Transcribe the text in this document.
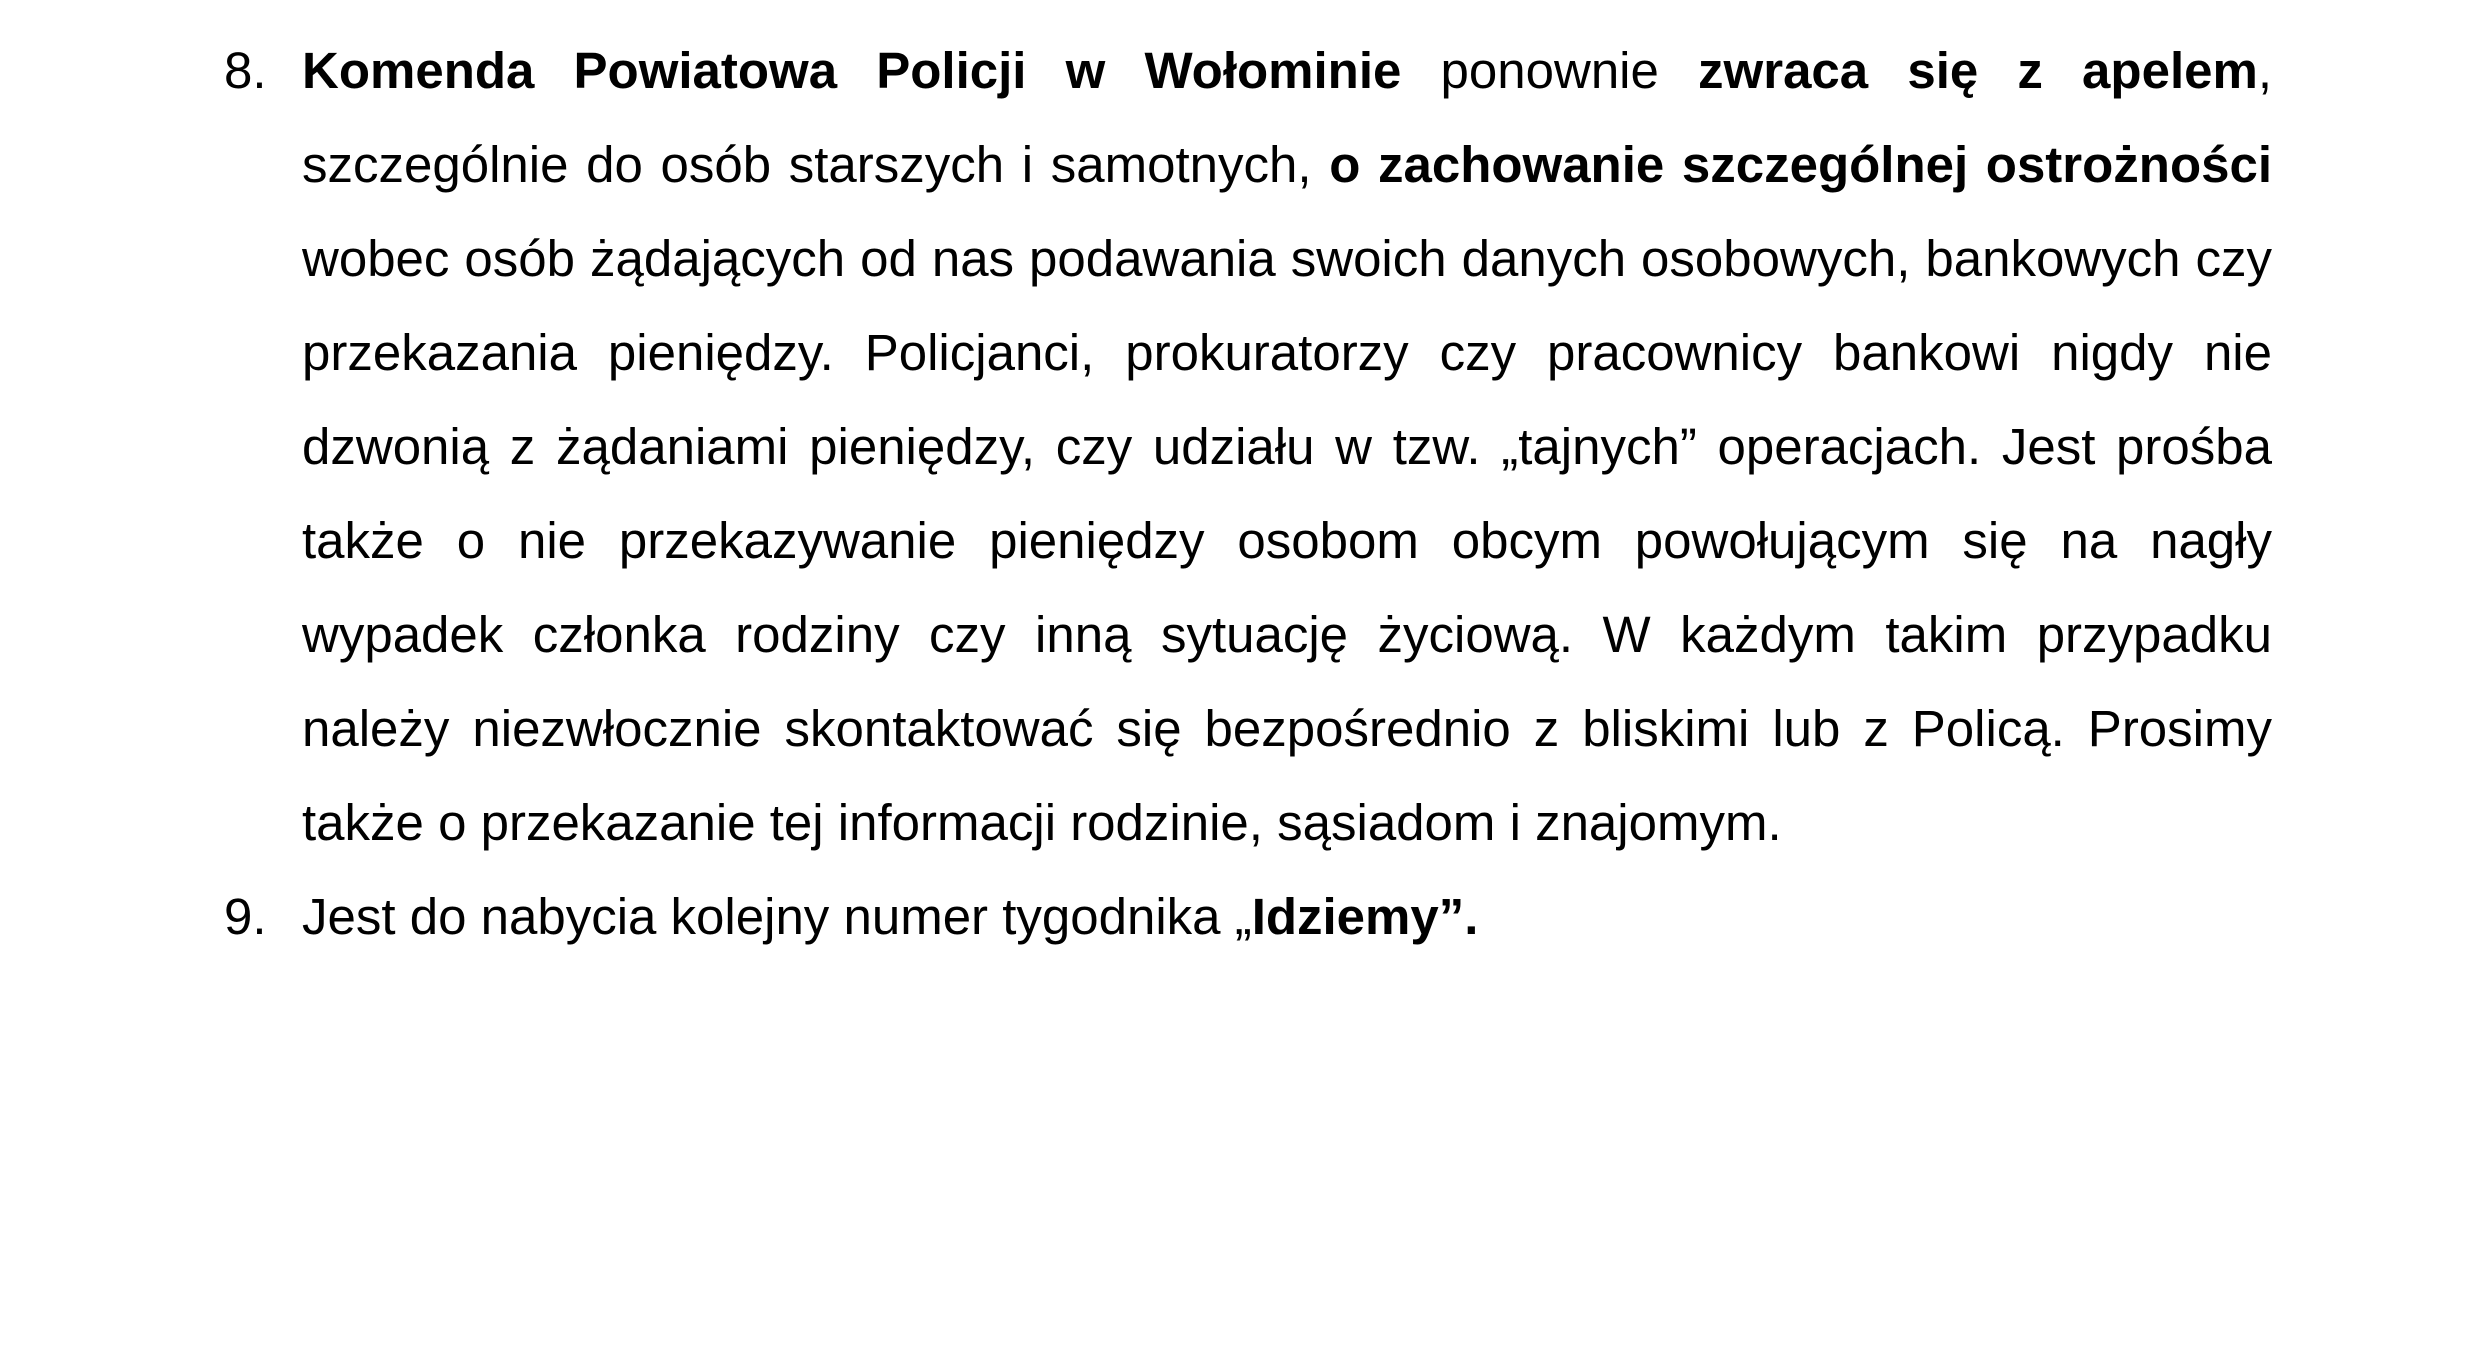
8. Komenda Powiatowa Policji w Wołominie ponownie zwraca się z apelem, szczególnie do osób starszych i samotnych, o zachowanie szczególnej ostrożności wobec osób żądających od nas podawania swoich danych osobowych, bankowych czy przekazania pieniędzy. Policjanci, prokuratorzy czy pracownicy bankowi nigdy nie dzwonią z żądaniami pieniędzy, czy udziału w tzw. „tajnych” operacjach. Jest prośba także o nie przekazywanie pieniędzy osobom obcym powołującym się na nagły wypadek członka rodziny czy inną sytuację życiową. W każdym takim przypadku należy niezwłocznie skontaktować się bezpośrednio z bliskimi lub z Policą. Prosimy także o przekazanie tej informacji rodzinie, sąsiadom i znajomym.
9. Jest do nabycia kolejny numer tygodnika „Idziemy”.
